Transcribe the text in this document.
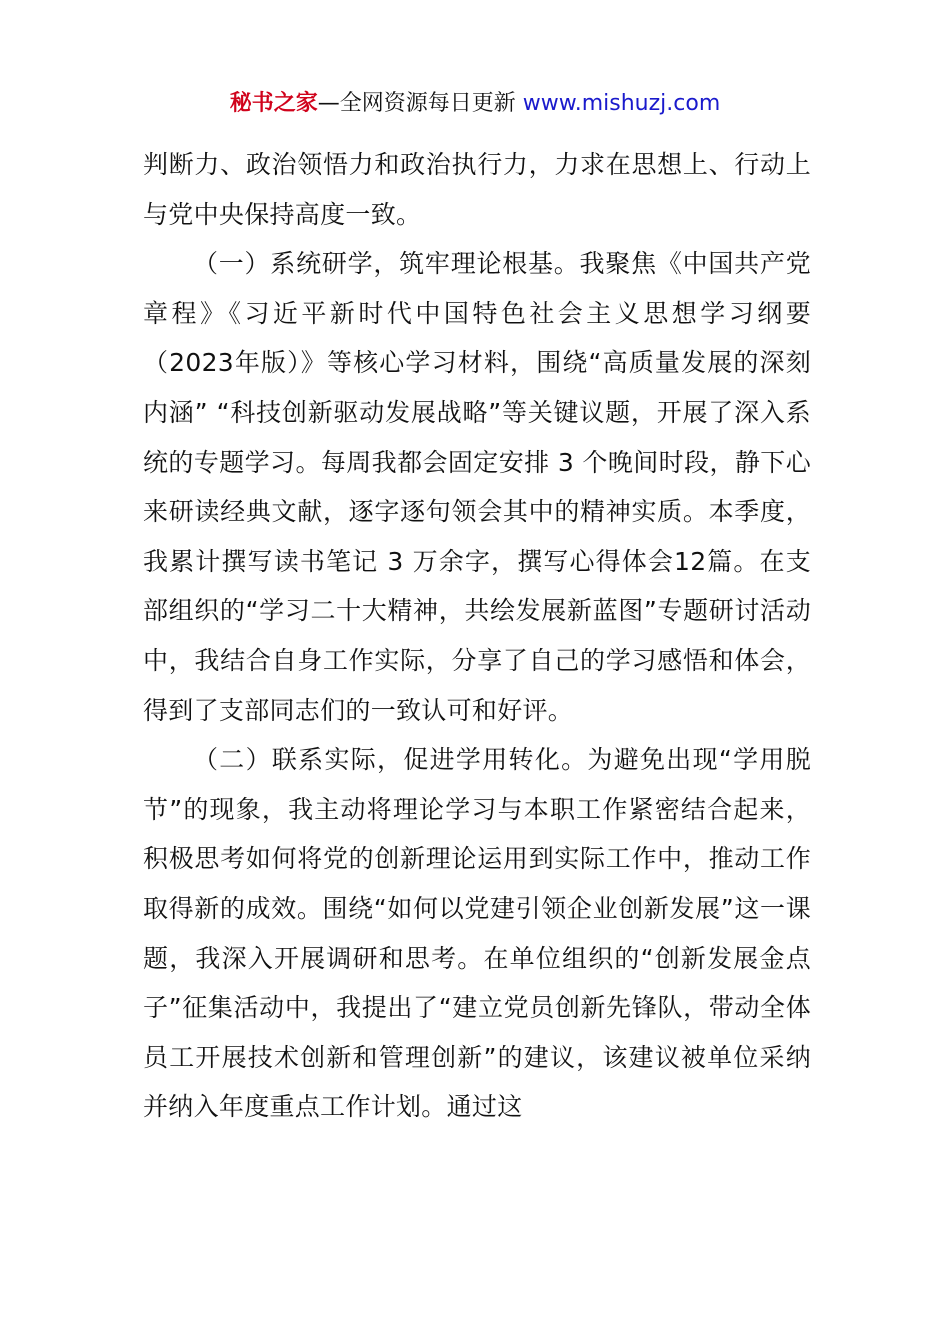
秘书之家—全网资源每日更新 www.mishuzj.com

判断力、政治领悟力和政治执行力，力求在思想上、行动上与党中央保持高度一致。

（一）系统研学，筑牢理论根基。我聚焦《中国共产党章程》《习近平新时代中国特色社会主义思想学习纲要（2023年版）》等核心学习材料，围绕“高质量发展的深刻内涵” “科技创新驱动发展战略”等关键议题，开展了深入系统的专题学习。每周我都会固定安排 3 个晚间时段，静下心来研读经典文献，逐字逐句领会其中的精神实质。本季度，我累计撰写读书笔记 3 万余字，撰写心得体会12篇。在支部组织的“学习二十大精神，共绘发展新蓝图”专题研讨活动中，我结合自身工作实际，分享了自己的学习感悟和体会，得到了支部同志们的一致认可和好评。

（二）联系实际，促进学用转化。为避免出现“学用脱节”的现象，我主动将理论学习与本职工作紧密结合起来，积极思考如何将党的创新理论运用到实际工作中，推动工作取得新的成效。围绕“如何以党建引领企业创新发展”这一课题，我深入开展调研和思考。在单位组织的“创新发展金点子”征集活动中，我提出了“建立党员创新先锋队，带动全体员工开展技术创新和管理创新”的建议，该建议被单位采纳并纳入年度重点工作计划。通过这
